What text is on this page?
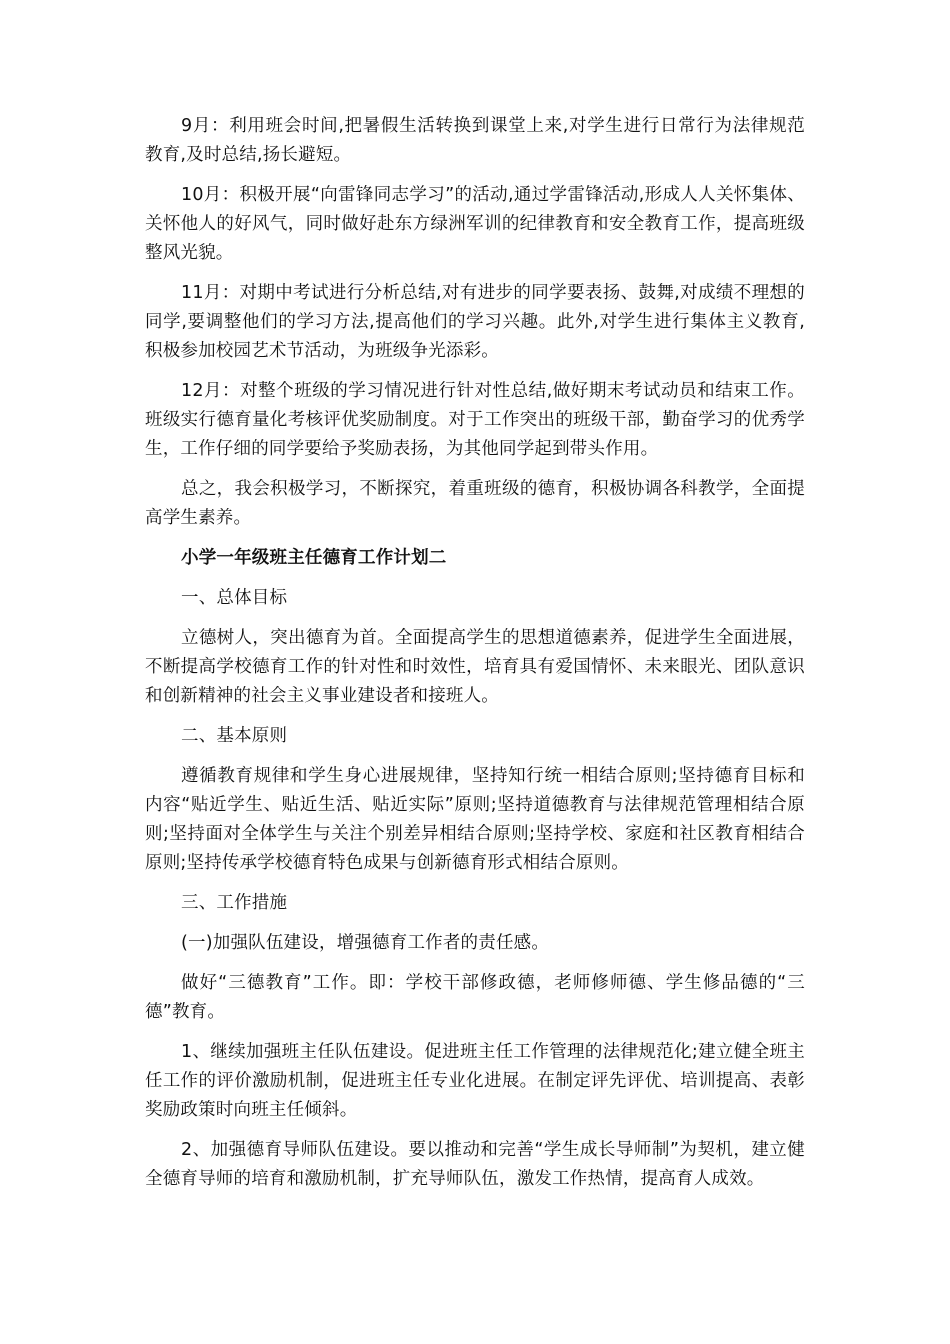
9月：利用班会时间,把暑假生活转换到课堂上来,对学生进行日常行为法律规范教育,及时总结,扬长避短。

10月：积极开展“向雷锋同志学习”的活动,通过学雷锋活动,形成人人关怀集体、关怀他人的好风气，同时做好赴东方绿洲军训的纪律教育和安全教育工作，提高班级整风光貌。

11月：对期中考试进行分析总结,对有进步的同学要表扬、鼓舞,对成绩不理想的同学,要调整他们的学习方法,提高他们的学习兴趣。此外,对学生进行集体主义教育,积极参加校园艺术节活动，为班级争光添彩。

12月：对整个班级的学习情况进行针对性总结,做好期末考试动员和结束工作。班级实行德育量化考核评优奖励制度。对于工作突出的班级干部，勤奋学习的优秀学生，工作仔细的同学要给予奖励表扬，为其他同学起到带头作用。

总之，我会积极学习，不断探究，着重班级的德育，积极协调各科教学，全面提高学生素养。

小学一年级班主任德育工作计划二

一、总体目标

立德树人，突出德育为首。全面提高学生的思想道德素养，促进学生全面进展，不断提高学校德育工作的针对性和时效性，培育具有爱国情怀、未来眼光、团队意识和创新精神的社会主义事业建设者和接班人。

二、基本原则

遵循教育规律和学生身心进展规律，坚持知行统一相结合原则;坚持德育目标和内容“贴近学生、贴近生活、贴近实际”原则;坚持道德教育与法律规范管理相结合原则;坚持面对全体学生与关注个别差异相结合原则;坚持学校、家庭和社区教育相结合原则;坚持传承学校德育特色成果与创新德育形式相结合原则。

三、工作措施

(一)加强队伍建设，增强德育工作者的责任感。

做好“三德教育”工作。即：学校干部修政德，老师修师德、学生修品德的“三德”教育。

1、继续加强班主任队伍建设。促进班主任工作管理的法律规范化;建立健全班主任工作的评价激励机制，促进班主任专业化进展。在制定评先评优、培训提高、表彰奖励政策时向班主任倾斜。

2、加强德育导师队伍建设。要以推动和完善“学生成长导师制”为契机，建立健全德育导师的培育和激励机制，扩充导师队伍，激发工作热情，提高育人成效。
